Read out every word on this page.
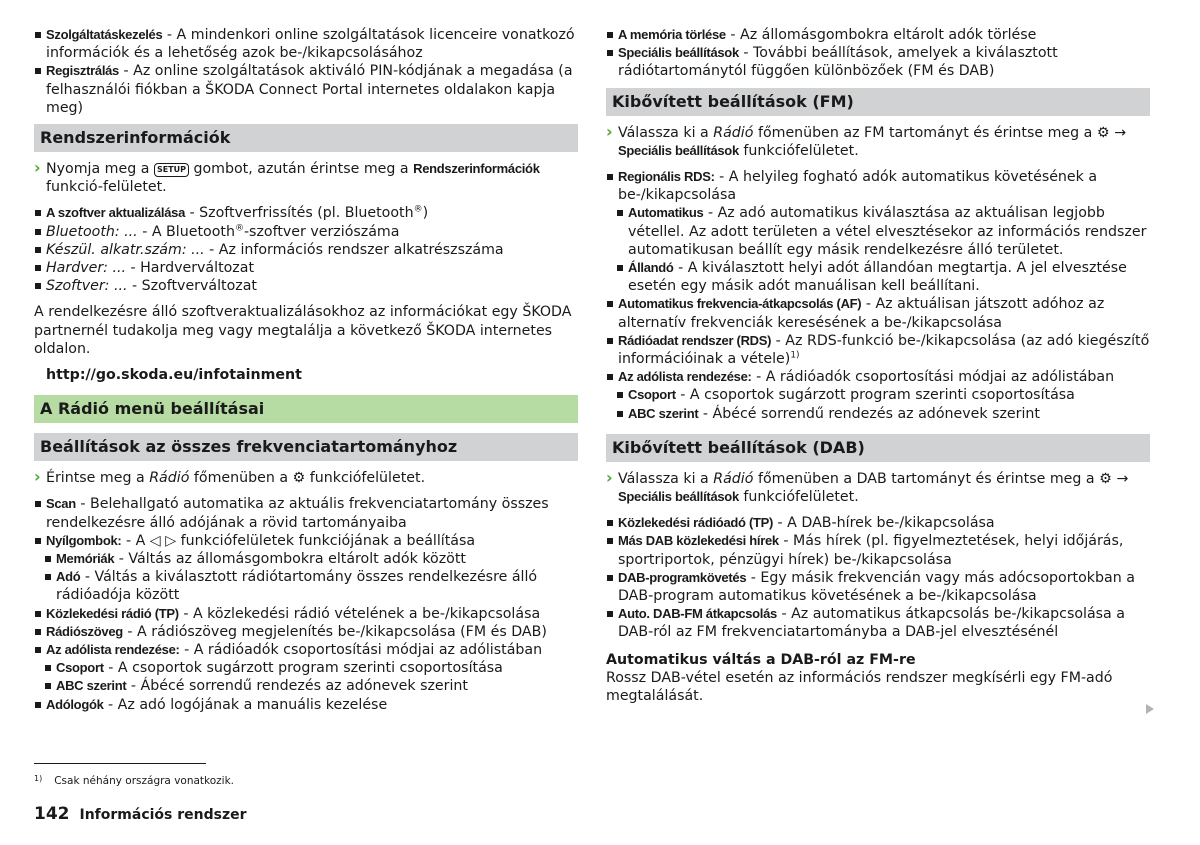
Szolgáltatáskezelés - A mindenkori online szolgáltatások licenceire vonatkozó információk és a lehetőség azok be-/kikapcsolásához
Regisztrálás - Az online szolgáltatások aktiváló PIN-kódjának a megadása (a felhasználói fiókban a ŠKODA Connect Portal internetes oldalakon kapja meg)
Rendszerinformációk
› Nyomja meg a SETUP gombot, azután érintse meg a Rendszerinformációk funkció-felületet.
A szoftver aktualizálása - Szoftverfrissítés (pl. Bluetooth®)
Bluetooth: ... - A Bluetooth®-szoftver verziószáma
Készül. alkatr.szám: ... - Az információs rendszer alkatrészszáma
Hardver: ... - Hardverváltozat
Szoftver: ... - Szoftverváltozat

A rendelkezésre álló szoftveraktualizálásokhoz az információkat egy ŠKODA partnernél tudakolja meg vagy megtalálja a következő ŠKODA internetes oldalon.

http://go.skoda.eu/infotainment
A Rádió menü beállításai
Beállítások az összes frekvenciatartományhoz
› Érintse meg a Rádió főmenüben a ⚙ funkciófelületet.
Scan - Belehallgató automatika az aktuális frekvenciatartomány összes rendelkezésre álló adójának a rövid tartományaiba
Nyílgombok: - A ◁ ▷ funkciófelületek funkciójának a beállítása
Memóriák - Váltás az állomásgombokra eltárolt adók között
Adó - Váltás a kiválasztott rádiótartomány összes rendelkezésre álló rádióadója között
Közlekedési rádió (TP) - A közlekedési rádió vételének a be-/kikapcsolása
Rádiószöveg - A rádiószöveg megjelenítés be-/kikapcsolása (FM és DAB)
Az adólista rendezése: - A rádióadók csoportosítási módjai az adólistában
Csoport - A csoportok sugárzott program szerinti csoportosítása
ABC szerint - Ábécé sorrendű rendezés az adónevek szerint
Adólogók - Az adó logójának a manuális kezelése
A memória törlése - Az állomásgombokra eltárolt adók törlése
Speciális beállítások - További beállítások, amelyek a kiválasztott rádiótartománytól függően különbözőek (FM és DAB)
Kibővített beállítások (FM)
› Válassza ki a Rádió főmenüben az FM tartományt és érintse meg a ⚙ → Speciális beállítások funkciófelületet.
Regionális RDS: - A helyileg fogható adók automatikus követésének a be-/kikapcsolása
Automatikus - Az adó automatikus kiválasztása az aktuálisan legjobb vétellel. Az adott területen a vétel elvesztésekor az információs rendszer automatikusan beállít egy másik rendelkezésre álló területet.
Állandó - A kiválasztott helyi adót állandóan megtartja. A jel elvesztése esetén egy másik adót manuálisan kell beállítani.
Automatikus frekvencia-átkapcsolás (AF) - Az aktuálisan játszott adóhoz az alternatív frekvenciák keresésének a be-/kikapcsolása
Rádióadat rendszer (RDS) - Az RDS-funkció be-/kikapcsolása (az adó kiegészítő információinak a vétele)$^{1)}$
Az adólista rendezése: - A rádióadók csoportosítási módjai az adólistában
Csoport - A csoportok sugárzott program szerinti csoportosítása
ABC szerint - Ábécé sorrendű rendezés az adónevek szerint
Kibővített beállítások (DAB)
› Válassza ki a Rádió főmenüben a DAB tartományt és érintse meg a ⚙ → Speciális beállítások funkciófelületet.
Közlekedési rádióadó (TP) - A DAB-hírek be-/kikapcsolása
Más DAB közlekedési hírek - Más hírek (pl. figyelmeztetések, helyi időjárás, sportriportok, pénzügyi hírek) be-/kikapcsolása
DAB-programkövetés - Egy másik frekvencián vagy más adócsoportokban a DAB-program automatikus követésének a be-/kikapcsolása
Auto. DAB-FM átkapcsolás - Az automatikus átkapcsolás be-/kikapcsolása a DAB-ról az FM frekvenciatartományba a DAB-jel elvesztésénél
Automatikus váltás a DAB-ról az FM-re

Rossz DAB-vétel esetén az információs rendszer megkísérli egy FM-adó megtalálását.

$^{1)}$ Csak néhány országra vonatkozik.
142 Információs rendszer
